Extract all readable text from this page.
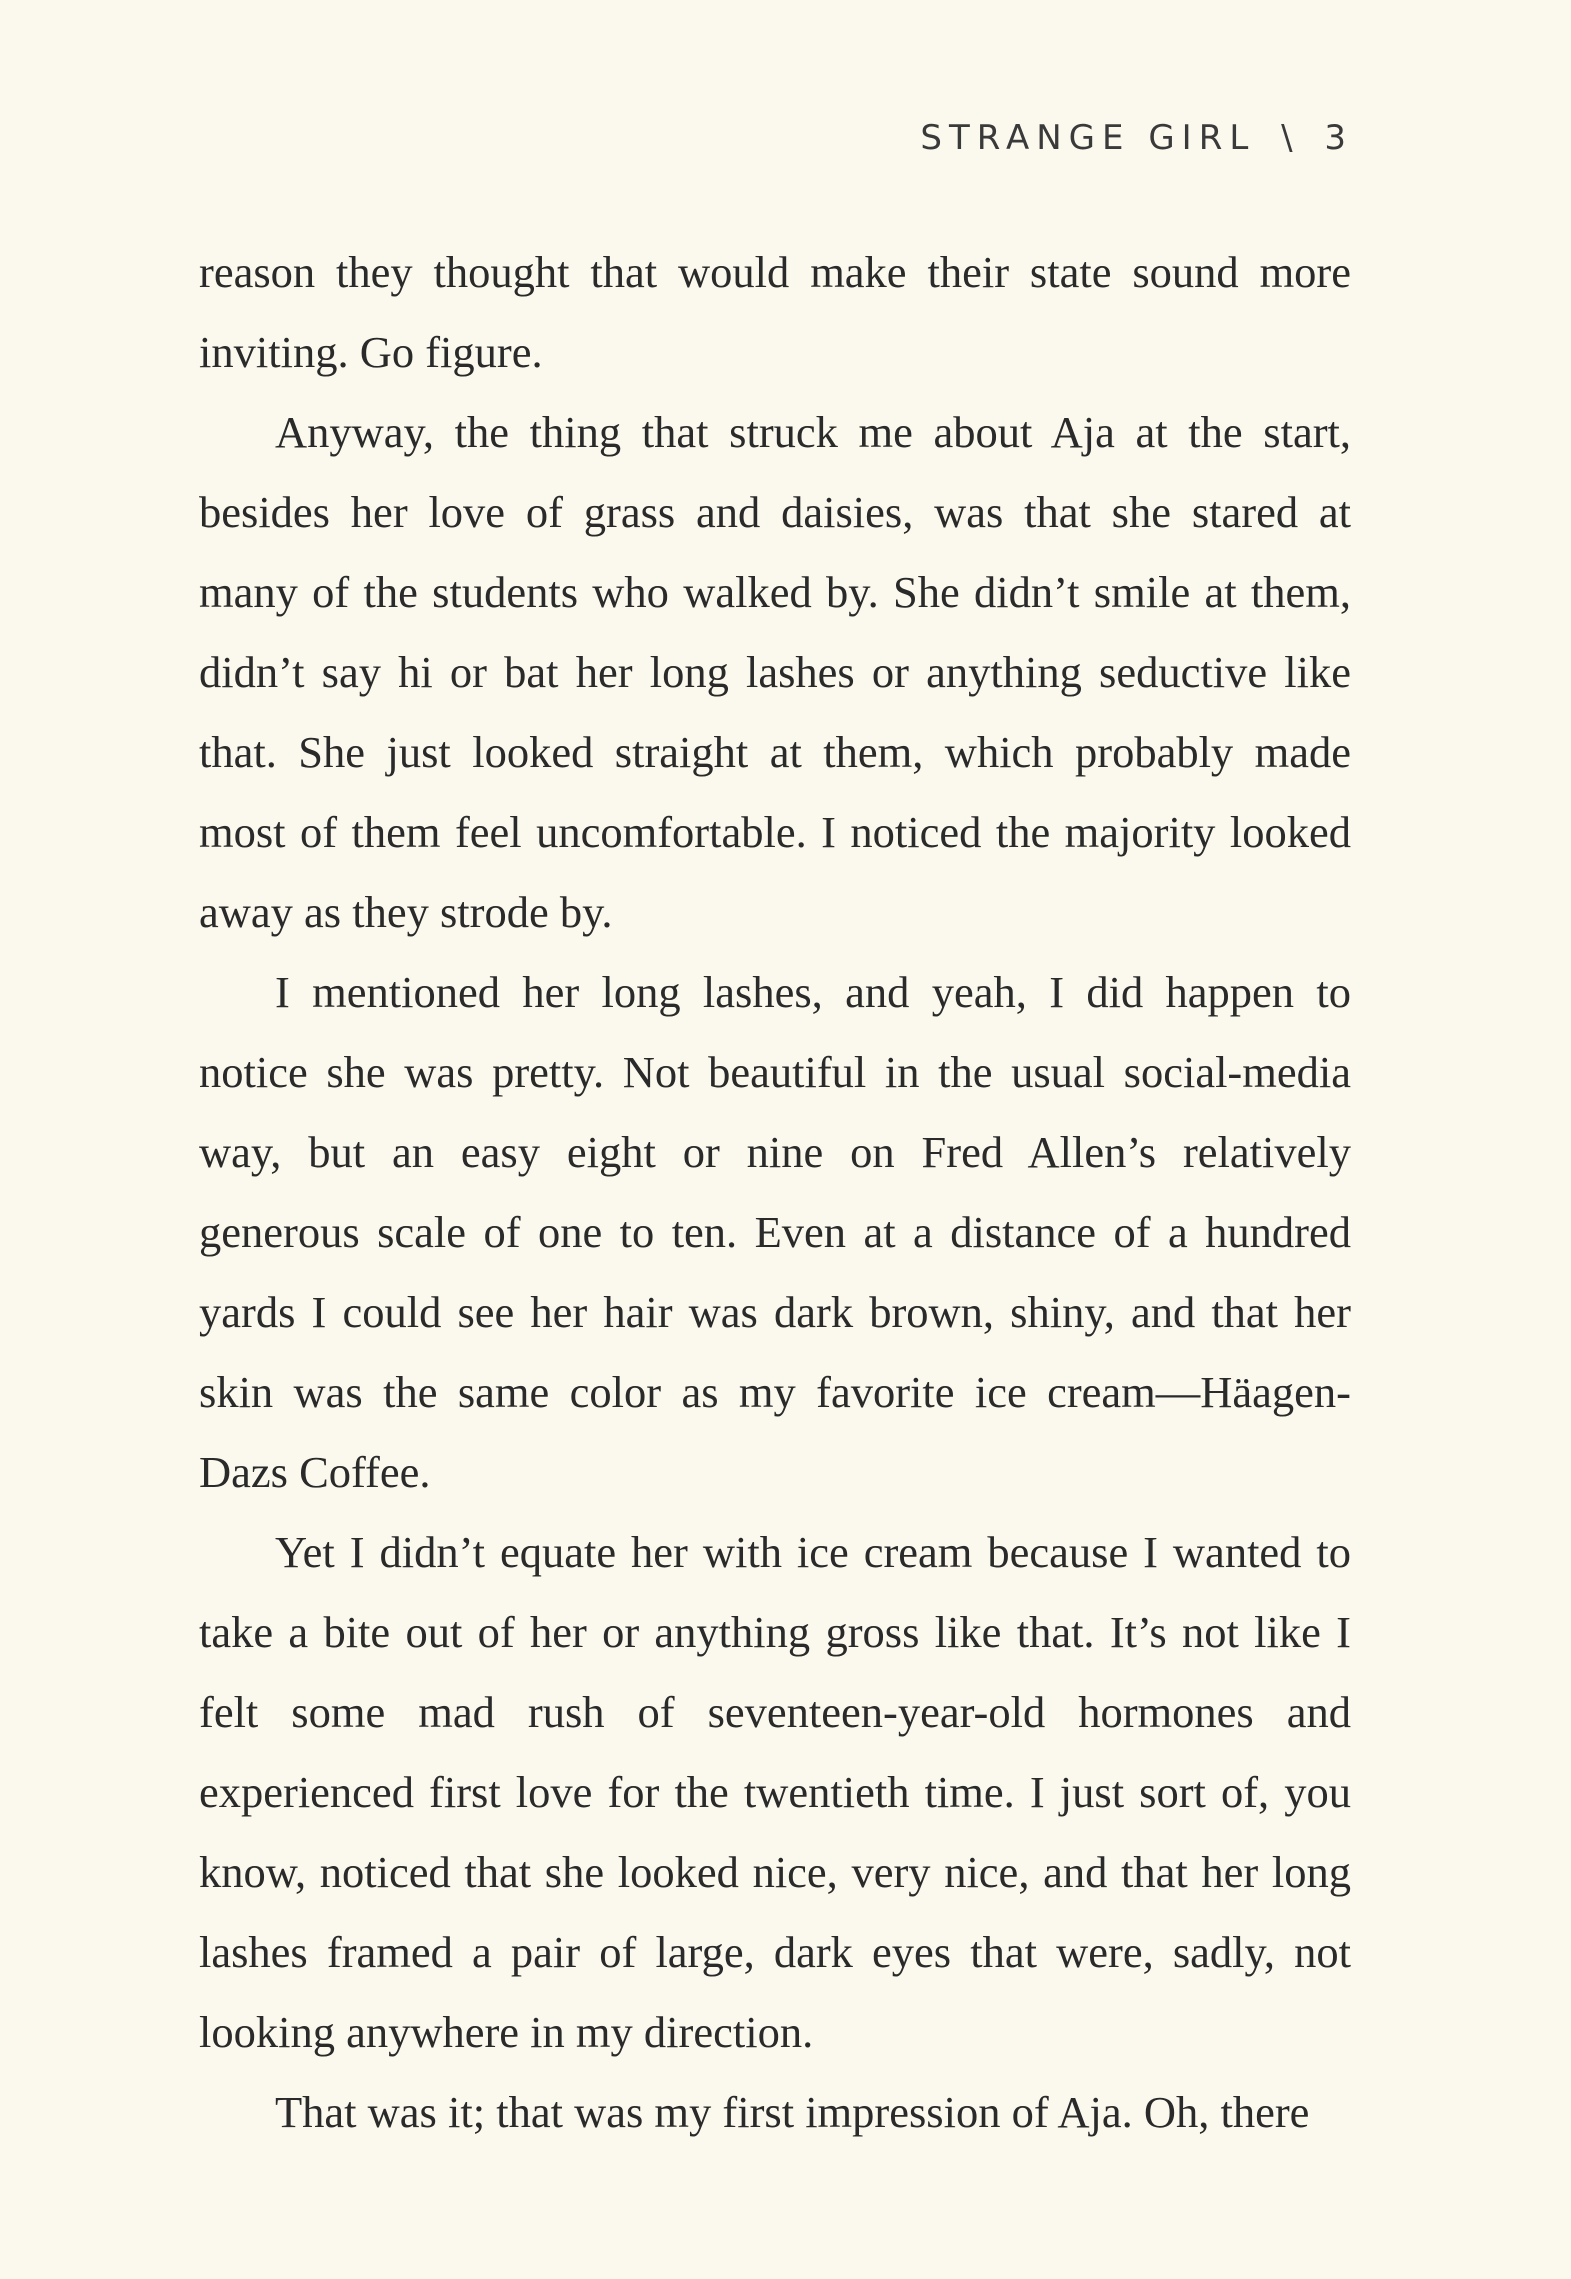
STRANGE GIRL \ 3

reason they thought that would make their state sound more inviting. Go figure.

Anyway, the thing that struck me about Aja at the start, besides her love of grass and daisies, was that she stared at many of the students who walked by. She didn’t smile at them, didn’t say hi or bat her long lashes or anything seductive like that. She just looked straight at them, which probably made most of them feel uncomfortable. I noticed the majority looked away as they strode by.

I mentioned her long lashes, and yeah, I did happen to notice she was pretty. Not beautiful in the usual social-media way, but an easy eight or nine on Fred Allen’s relatively generous scale of one to ten. Even at a distance of a hundred yards I could see her hair was dark brown, shiny, and that her skin was the same color as my favorite ice cream—Häagen-Dazs Coffee.

Yet I didn’t equate her with ice cream because I wanted to take a bite out of her or anything gross like that. It’s not like I felt some mad rush of seventeen-year-old hormones and experienced first love for the twentieth time. I just sort of, you know, noticed that she looked nice, very nice, and that her long lashes framed a pair of large, dark eyes that were, sadly, not looking anywhere in my direction.

That was it; that was my first impression of Aja. Oh, there
